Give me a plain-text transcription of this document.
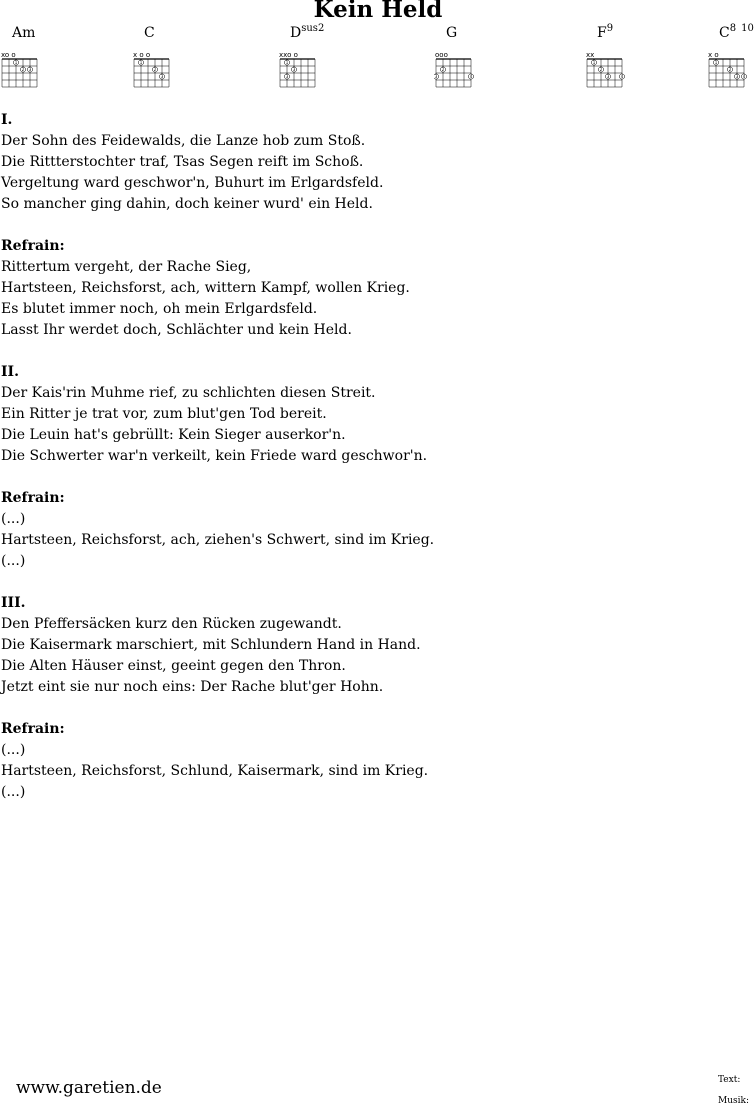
Kein Held
Am
xo o
1
2 3
C
x o o
1
2
3
$D^{sus2}$
xxo o
1
3
3
G
ooo
2
3	4
$F^9$
xx
1
2
3	4
$C^8$ $^{10}$
x o
1
2
3 4
I.
Der Sohn des Feidewalds, die Lanze hob zum Stoß.
Die Rittterstochter traf, Tsas Segen reift im Schoß.
Vergeltung ward geschwor'n, Buhurt im Erlgardsfeld.
So mancher ging dahin, doch keiner wurd' ein Held.
Refrain:
Rittertum vergeht, der Rache Sieg,
Hartsteen, Reichsforst, ach, wittern Kampf, wollen Krieg.
Es blutet immer noch, oh mein Erlgardsfeld.
Lasst Ihr werdet doch, Schlächter und kein Held.
II.
Der Kais'rin Muhme rief, zu schlichten diesen Streit.
Ein Ritter je trat vor, zum blut'gen Tod bereit.
Die Leuin hat's gebrüllt: Kein Sieger auserkor'n.
Die Schwerter war'n verkeilt, kein Friede ward geschwor'n.
Refrain:
(...)
Hartsteen, Reichsforst, ach, ziehen's Schwert, sind im Krieg.
(...)
III.
Den Pfeffersäcken kurz den Rücken zugewandt.
Die Kaisermark marschiert, mit Schlundern Hand in Hand.
Die Alten Häuser einst, geeint gegen den Thron.
Jetzt eint sie nur noch eins: Der Rache blut'ger Hohn.
Refrain:
(...)
Hartsteen, Reichsforst, Schlund, Kaisermark, sind im Krieg.
(...)
www.garetien.de	Text:
Musik:
